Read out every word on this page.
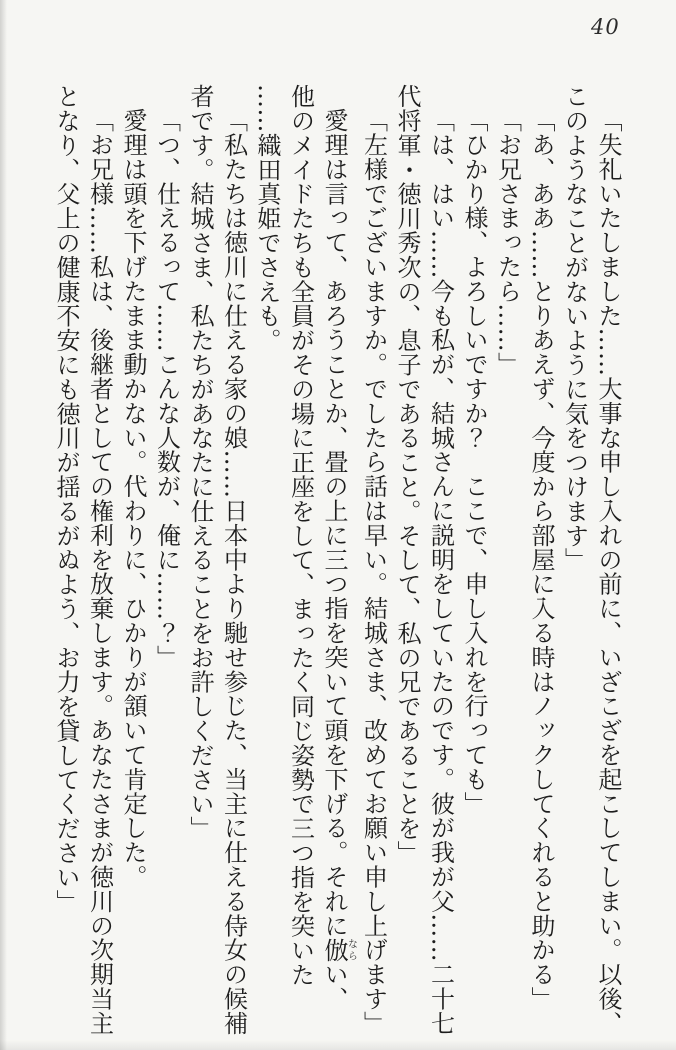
40
「失礼いたしました……大事な申し入れの前に、いざこざを起こしてしまい。以後、
このようなことがないように気をつけます」
「あ、ああ……とりあえず、今度から部屋に入る時はノックしてくれると助かる」
「お兄さまったら……」
「ひかり様、よろしいですか？　ここで、申し入れを行っても」
「は、はい……今も私が、結城さんに説明をしていたのです。彼が我が父……二十七
代将軍・徳川秀次の、息子であること。そして、私の兄であることを」
「左様でございますか。でしたら話は早い。結城さま、改めてお願い申し上げます」
愛理は言って、あろうことか、畳の上に三つ指を突いて頭を下げる。それに倣ならい、
他のメイドたちも全員がその場に正座をして、まったく同じ姿勢で三つ指を突いた
……織田真姫でさえも。
「私たちは徳川に仕える家の娘……日本中より馳せ参じた、当主に仕える侍女の候補
者です。結城さま、私たちがあなたに仕えることをお許しください」
「つ、仕えるって……こんな人数が、俺に……？」
愛理は頭を下げたまま動かない。代わりに、ひかりが頷いて肯定した。
「お兄様……私は、後継者としての権利を放棄します。あなたさまが徳川の次期当主
となり、父上の健康不安にも徳川が揺るがぬよう、お力を貸してください」
